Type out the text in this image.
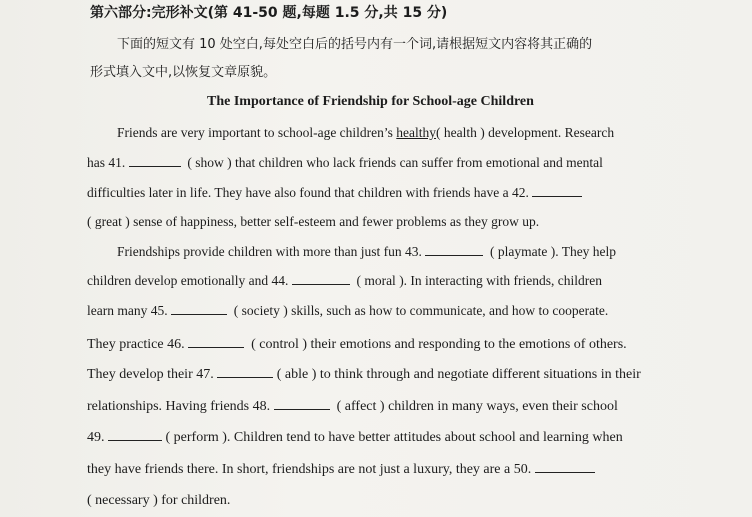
第六部分:完形补文(第 41-50 题,每题 1.5 分,共 15 分)
下面的短文有 10 处空白,每处空白后的括号内有一个词,请根据短文内容将其正确的
形式填入文中,以恢复文章原貌。
The Importance of Friendship for School-age Children
Friends are very important to school-age children’s healthy( health ) development. Research
has 41.	( show ) that children who lack friends can suffer from emotional and mental
difficulties later in life. They have also found that children with friends have a 42.
( great ) sense of happiness, better self-esteem and fewer problems as they grow up.
Friendships provide children with more than just fun 43.	( playmate ). They help
children develop emotionally and 44.	( moral ). In interacting with friends, children
learn many 45.	( society ) skills, such as how to communicate, and how to cooperate.
They practice 46.	( control ) their emotions and responding to the emotions of others.
They develop their 47.	( able ) to think through and negotiate different situations in their
relationships. Having friends 48.	( affect ) children in many ways, even their school
49.	( perform ). Children tend to have better attitudes about school and learning when
they have friends there. In short, friendships are not just a luxury, they are a 50.
( necessary ) for children.
